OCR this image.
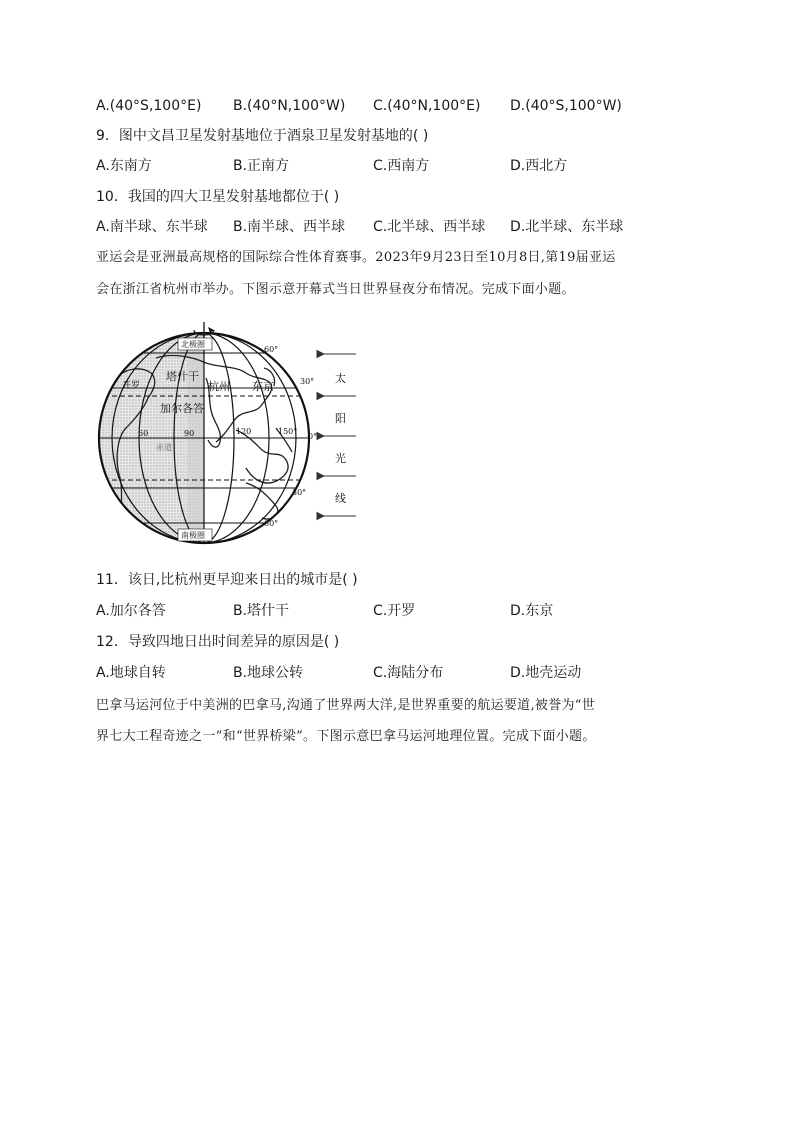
A.(40°S,100°E) B.(40°N,100°W) C.(40°N,100°E) D.(40°S,100°W)
9．图中文昌卫星发射基地位于酒泉卫星发射基地的( )
A.东南方	B.正南方	C.西南方	D.西北方
10．我国的四大卫星发射基地都位于( )
A.南半球、东半球 B.南半球、西半球 C.北半球、西半球 D.北半球、东半球
亚运会是亚洲最高规格的国际综合性体育赛事。2023年9月23日至10月8日,第19届亚运
会在浙江省杭州市举办。下图示意开幕式当日世界昼夜分布情况。完成下面小题。
北极圈
南极圈
开罗
塔什干
杭州 东京
加尔各答
赤道
60°
30°
0°
30°
60°
60	90	120	150°
太
阳
光
线
11．该日,比杭州更早迎来日出的城市是( )
A.加尔各答	B.塔什干	C.开罗	D.东京
12．导致四地日出时间差异的原因是( )
A.地球自转	B.地球公转	C.海陆分布	D.地壳运动
巴拿马运河位于中美洲的巴拿马,沟通了世界两大洋,是世界重要的航运要道,被誉为“世
界七大工程奇迹之一”和“世界桥梁”。下图示意巴拿马运河地理位置。完成下面小题。
